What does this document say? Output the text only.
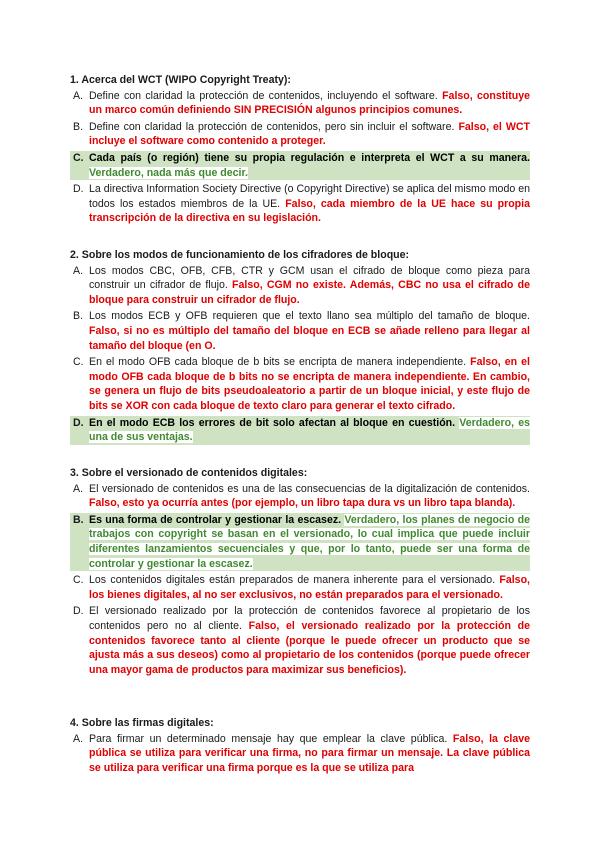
1. Acerca del WCT (WIPO Copyright Treaty):
A. Define con claridad la protección de contenidos, incluyendo el software. Falso, constituye un marco común definiendo SIN PRECISIÓN algunos principios comunes.
B. Define con claridad la protección de contenidos, pero sin incluir el software. Falso, el WCT incluye el software como contenido a proteger.
C. Cada país (o región) tiene su propia regulación e interpreta el WCT a su manera. Verdadero, nada más que decir.
D. La directiva Information Society Directive (o Copyright Directive) se aplica del mismo modo en todos los estados miembros de la UE. Falso, cada miembro de la UE hace su propia transcripción de la directiva en su legislación.
2. Sobre los modos de funcionamiento de los cifradores de bloque:
A. Los modos CBC, OFB, CFB, CTR y GCM usan el cifrado de bloque como pieza para construir un cifrador de flujo. Falso, CGM no existe. Además, CBC no usa el cifrado de bloque para construir un cifrador de flujo.
B. Los modos ECB y OFB requieren que el texto llano sea múltiplo del tamaño de bloque. Falso, si no es múltiplo del tamaño del bloque en ECB se añade relleno para llegar al tamaño del bloque (en O.
C. En el modo OFB cada bloque de b bits se encripta de manera independiente. Falso, en el modo OFB cada bloque de b bits no se encripta de manera independiente. En cambio, se genera un flujo de bits pseudoaleatorio a partir de un bloque inicial, y este flujo de bits se XOR con cada bloque de texto claro para generar el texto cifrado.
D. En el modo ECB los errores de bit solo afectan al bloque en cuestión. Verdadero, es una de sus ventajas.
3. Sobre el versionado de contenidos digitales:
A. El versionado de contenidos es una de las consecuencias de la digitalización de contenidos. Falso, esto ya ocurría antes (por ejemplo, un libro tapa dura vs un libro tapa blanda).
B. Es una forma de controlar y gestionar la escasez. Verdadero, los planes de negocio de trabajos con copyright se basan en el versionado, lo cual implica que puede incluir diferentes lanzamientos secuenciales y que, por lo tanto, puede ser una forma de controlar y gestionar la escasez.
C. Los contenidos digitales están preparados de manera inherente para el versionado. Falso, los bienes digitales, al no ser exclusivos, no están preparados para el versionado.
D. El versionado realizado por la protección de contenidos favorece al propietario de los contenidos pero no al cliente. Falso, el versionado realizado por la protección de contenidos favorece tanto al cliente (porque le puede ofrecer un producto que se ajusta más a sus deseos) como al propietario de los contenidos (porque puede ofrecer una mayor gama de productos para maximizar sus beneficios).
4. Sobre las firmas digitales:
A. Para firmar un determinado mensaje hay que emplear la clave pública. Falso, la clave pública se utiliza para verificar una firma, no para firmar un mensaje. La clave pública se utiliza para verificar una firma porque es la que se utiliza para
